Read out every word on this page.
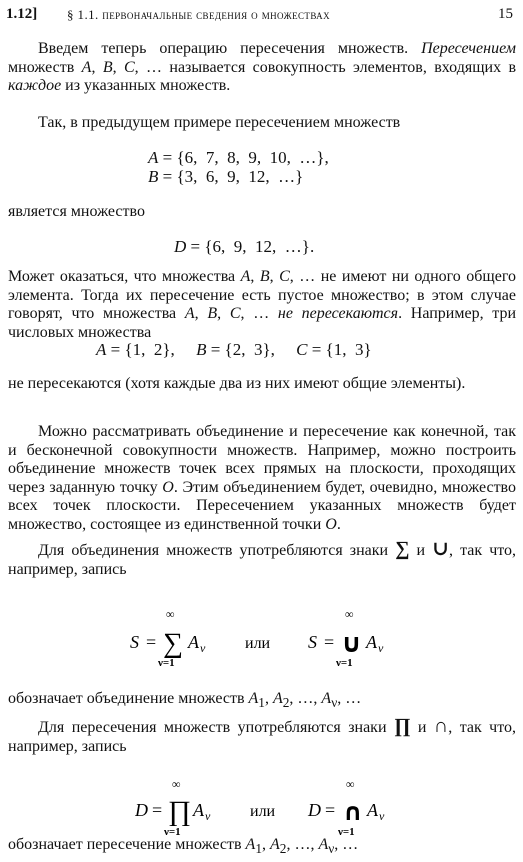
1.12] § 1.1. первоначальные сведения о множествах	15
Введем теперь операцию пересечения множеств. Пересечением множеств A, B, C, … называется совокупность элементов, входящих в каждое из указанных множеств.
Так, в предыдущем примере пересечением множеств
A = {6,  7,  8,  9,  10,  …},
B = {3,  6,  9,  12,  …}
является множество
D = {6,  9,  12,  …}.
Может оказаться, что множества A, B, C, … не имеют ни одного общего элемента. Тогда их пересечение есть пустое множество; в этом случае говорят, что множества A, B, C, … не пересекаются. Например, три числовых множества
A = {1,  2},     B = {2,  3},     C = {1,  3}
не пересекаются (хотя каждые два из них имеют общие элементы).
Можно рассматривать объединение и пересечение как конечной, так и бесконечной совокупности множеств. Например, можно построить объединение множеств точек всех прямых на плоскости, проходящих через заданную точку O. Этим объединением будет, очевидно, множество всех точек плоскости. Пересечением указанных множеств будет множество, состоящее из единственной точки O.
Для объединения множеств употребляются знаки ∑ и ∪, так что, например, запись
S =
∞
∑
ν=1
A ν или S =
∞
∪
ν=1
A ν
обозначает объединение множеств $A_1$, $A_2$, …, $A_\nu$, …
Для пересечения множеств употребляются знаки ∏ и ∩, так что, например, запись
D =
∞
∏
ν=1
A ν или D =
∞
∩
ν=1
A ν
обозначает пересечение множеств $A_1$, $A_2$, …, $A_\nu$, …
